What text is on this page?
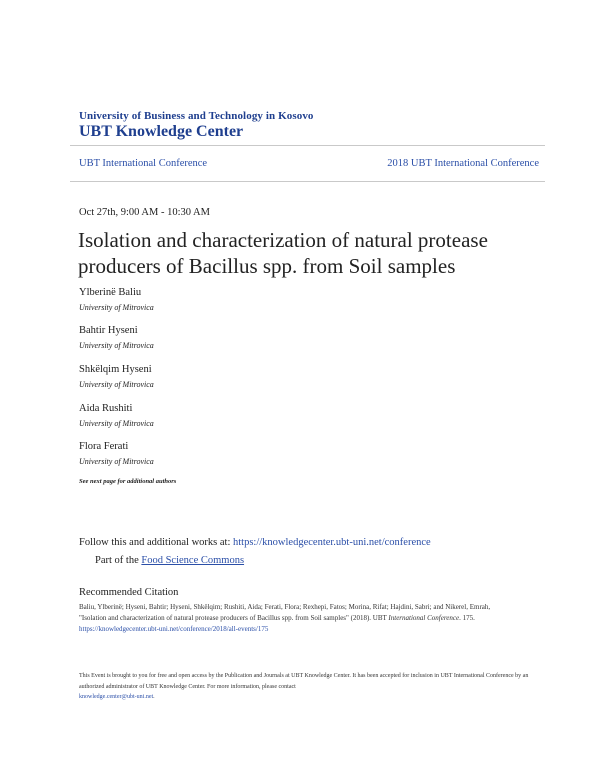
University of Business and Technology in Kosovo
UBT Knowledge Center
UBT International Conference	2018 UBT International Conference
Oct 27th, 9:00 AM - 10:30 AM
Isolation and characterization of natural protease producers of Bacillus spp. from Soil samples
Ylberinë Baliu
University of Mitrovica
Bahtir Hyseni
University of Mitrovica
Shkëlqim Hyseni
University of Mitrovica
Aida Rushiti
University of Mitrovica
Flora Ferati
University of Mitrovica
See next page for additional authors
Follow this and additional works at: https://knowledgecenter.ubt-uni.net/conference
Part of the Food Science Commons
Recommended Citation
Baliu, Ylberinë; Hyseni, Bahtir; Hyseni, Shkëlqim; Rushiti, Aida; Ferati, Flora; Rexhepi, Fatos; Morina, Rifat; Hajdini, Sabri; and Nikerel, Emrah, "Isolation and characterization of natural protease producers of Bacillus spp. from Soil samples" (2018). UBT International Conference. 175.
https://knowledgecenter.ubt-uni.net/conference/2018/all-events/175
This Event is brought to you for free and open access by the Publication and Journals at UBT Knowledge Center. It has been accepted for inclusion in UBT International Conference by an authorized administrator of UBT Knowledge Center. For more information, please contact
knowledge.center@ubt-uni.net.
